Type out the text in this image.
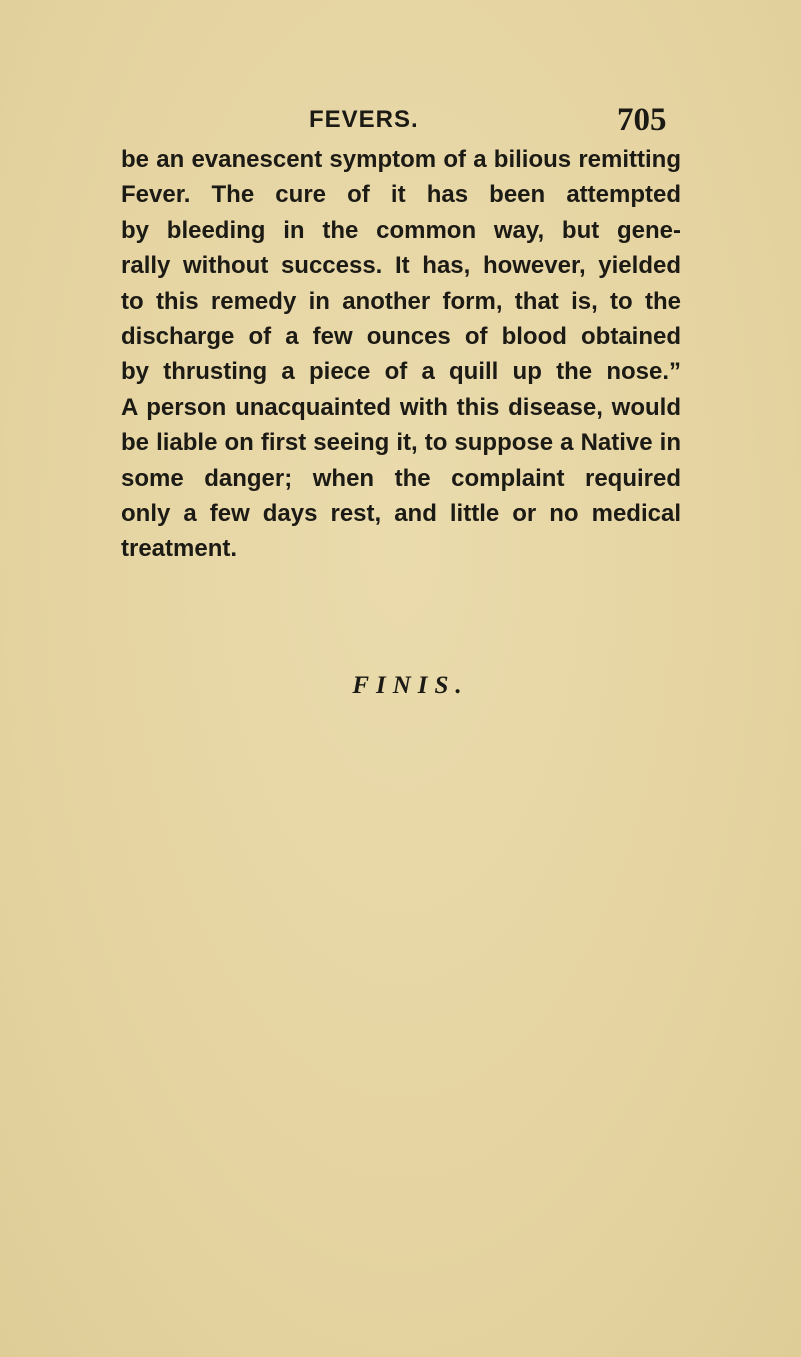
FEVERS.	705
be an evanescent symptom of a bilious remitting
Fever. The cure of it has been attempted
by bleeding in the common way, but gene-
rally without success. It has, however, yielded
to this remedy in another form, that is, to the
discharge of a few ounces of blood obtained
by thrusting a piece of a quill up the nose.”
A person unacquainted with this disease, would
be liable on first seeing it, to suppose a Native in
some danger; when the complaint required
only a few days rest, and little or no medical
treatment.
FINIS.
